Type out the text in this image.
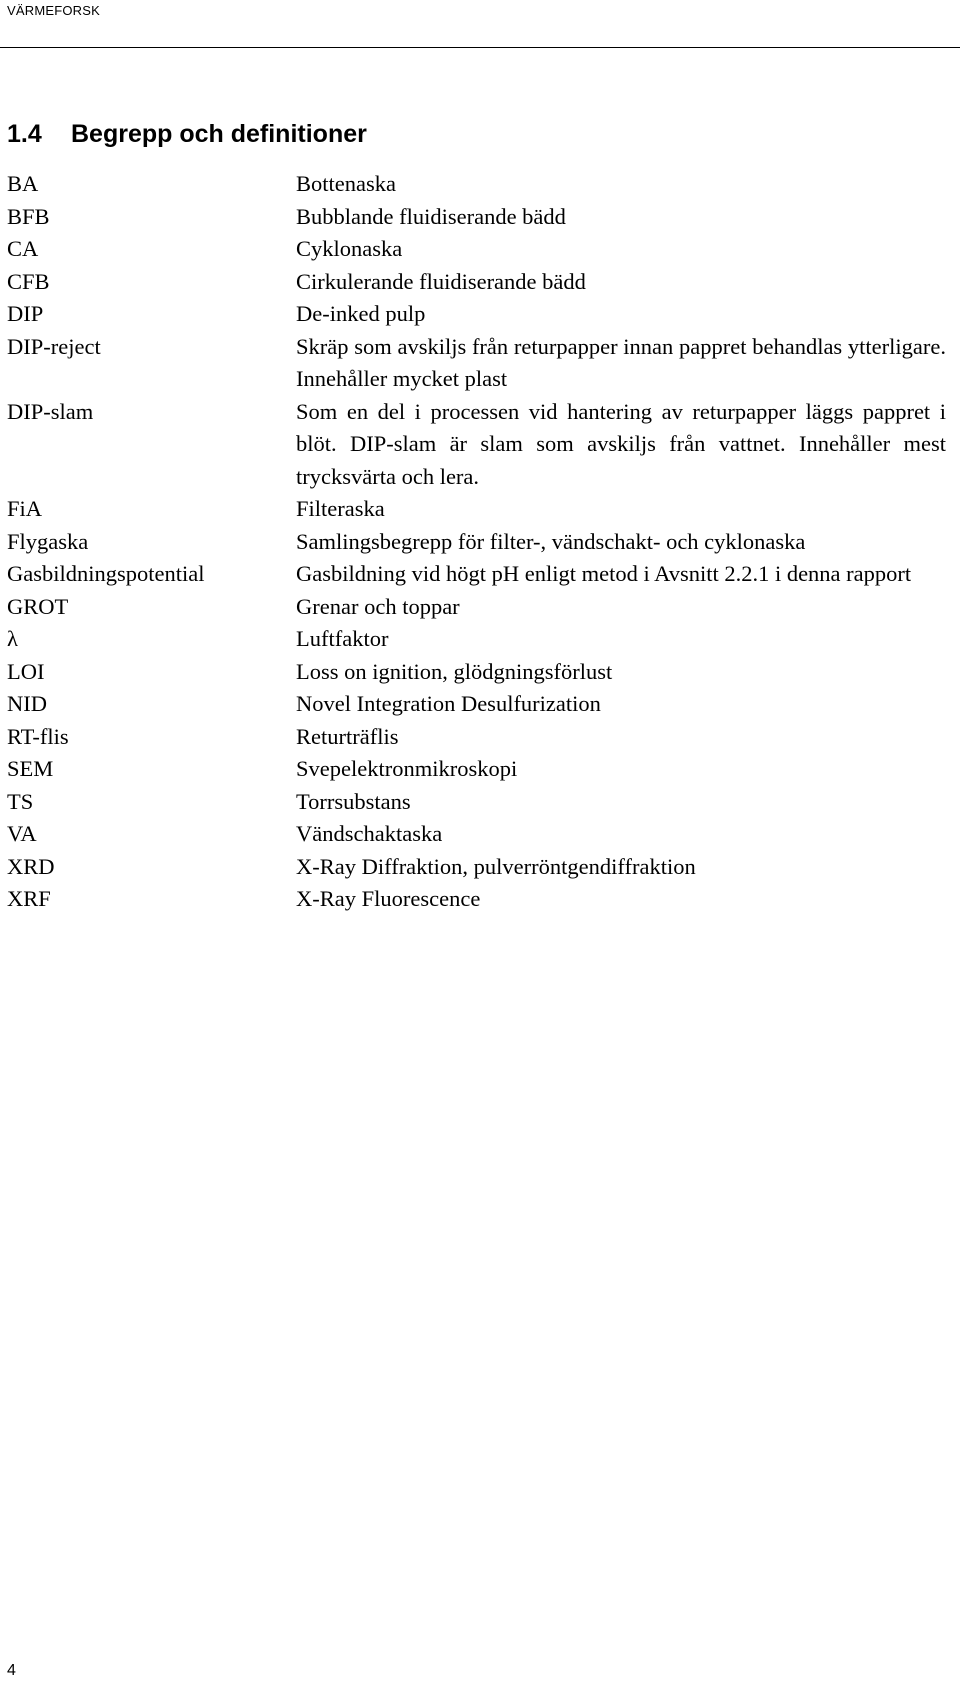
VÄRMEFORSK
1.4 Begrepp och definitioner
BA	Bottenaska
BFB	Bubblande fluidiserande bädd
CA	Cyklonaska
CFB	Cirkulerande fluidiserande bädd
DIP	De-inked pulp
DIP-reject	Skräp som avskiljs från returpapper innan pappret behandlas ytterligare. Innehåller mycket plast
DIP-slam	Som en del i processen vid hantering av returpapper läggs pappret i blöt. DIP-slam är slam som avskiljs från vattnet. Innehåller mest trycksvärta och lera.
FiA	Filteraska
Flygaska	Samlingsbegrepp för filter-, vändschakt- och cyklonaska
Gasbildningspotential	Gasbildning vid högt pH enligt metod i Avsnitt 2.2.1 i denna rapport
GROT	Grenar och toppar
λ	Luftfaktor
LOI	Loss on ignition, glödgningsförlust
NID	Novel Integration Desulfurization
RT-flis	Returträflis
SEM	Svepelektronmikroskopi
TS	Torrsubstans
VA	Vändschaktaska
XRD	X-Ray Diffraktion, pulverröntgendiffraktion
XRF	X-Ray Fluorescence
4
